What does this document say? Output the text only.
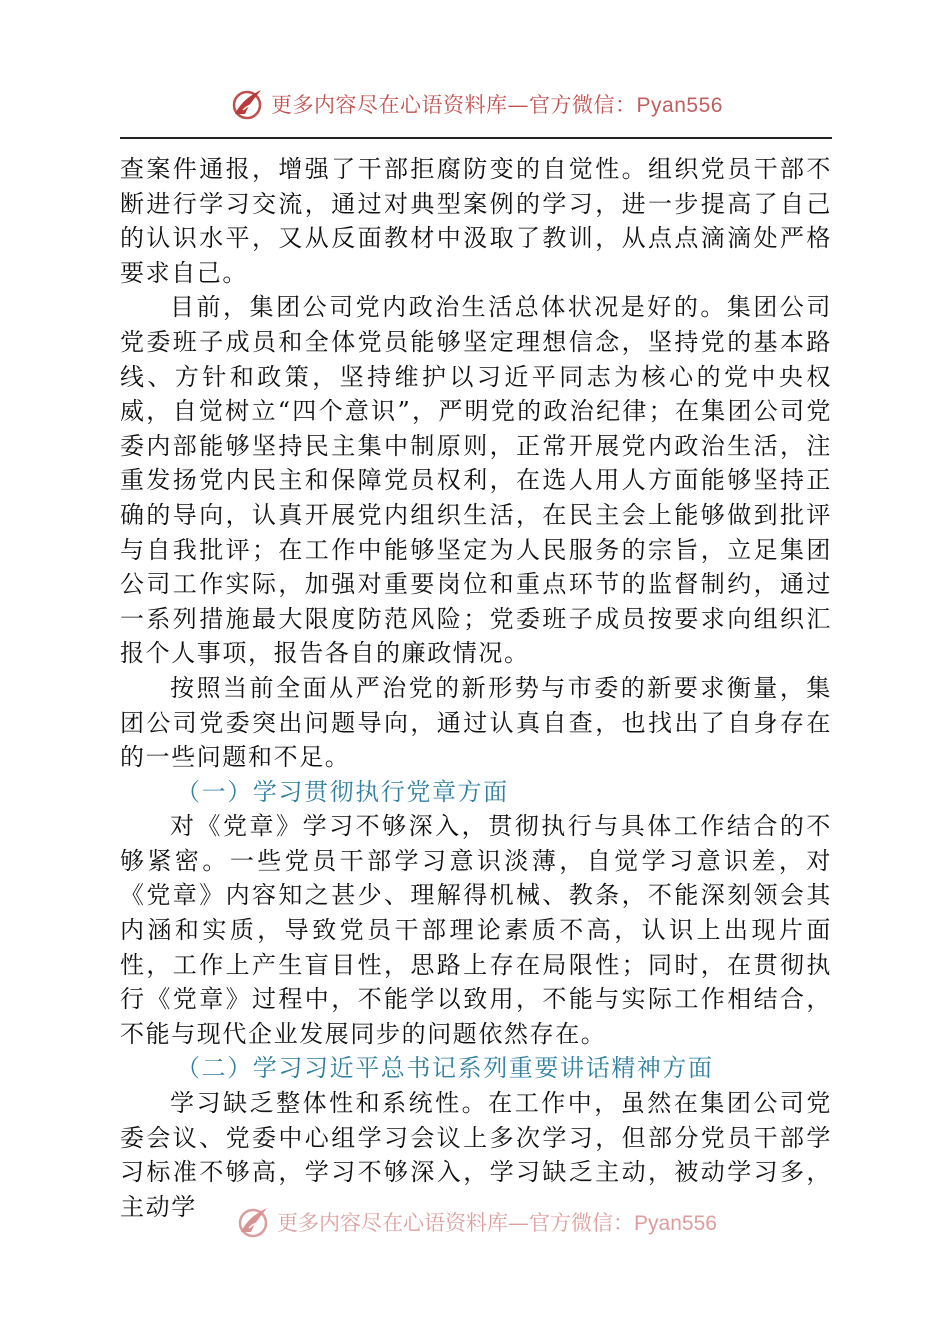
更多内容尽在心语资料库—官方微信：Pyan556

查案件通报，增强了干部拒腐防变的自觉性。组织党员干部不断进行学习交流，通过对典型案例的学习，进一步提高了自己的认识水平，又从反面教材中汲取了教训，从点点滴滴处严格要求自己。

目前，集团公司党内政治生活总体状况是好的。集团公司党委班子成员和全体党员能够坚定理想信念，坚持党的基本路线、方针和政策，坚持维护以习近平同志为核心的党中央权威，自觉树立“四个意识”，严明党的政治纪律；在集团公司党委内部能够坚持民主集中制原则，正常开展党内政治生活，注重发扬党内民主和保障党员权利，在选人用人方面能够坚持正确的导向，认真开展党内组织生活，在民主会上能够做到批评与自我批评；在工作中能够坚定为人民服务的宗旨，立足集团公司工作实际，加强对重要岗位和重点环节的监督制约，通过一系列措施最大限度防范风险；党委班子成员按要求向组织汇报个人事项，报告各自的廉政情况。

按照当前全面从严治党的新形势与市委的新要求衡量，集团公司党委突出问题导向，通过认真自查，也找出了自身存在的一些问题和不足。

（一）学习贯彻执行党章方面

对《党章》学习不够深入，贯彻执行与具体工作结合的不够紧密。一些党员干部学习意识淡薄，自觉学习意识差，对《党章》内容知之甚少、理解得机械、教条，不能深刻领会其内涵和实质，导致党员干部理论素质不高，认识上出现片面性，工作上产生盲目性，思路上存在局限性；同时，在贯彻执行《党章》过程中，不能学以致用，不能与实际工作相结合，不能与现代企业发展同步的问题依然存在。

（二）学习习近平总书记系列重要讲话精神方面

学习缺乏整体性和系统性。在工作中，虽然在集团公司党委会议、党委中心组学习会议上多次学习，但部分党员干部学习标准不够高，学习不够深入，学习缺乏主动，被动学习多，主动学

更多内容尽在心语资料库—官方微信：Pyan556
